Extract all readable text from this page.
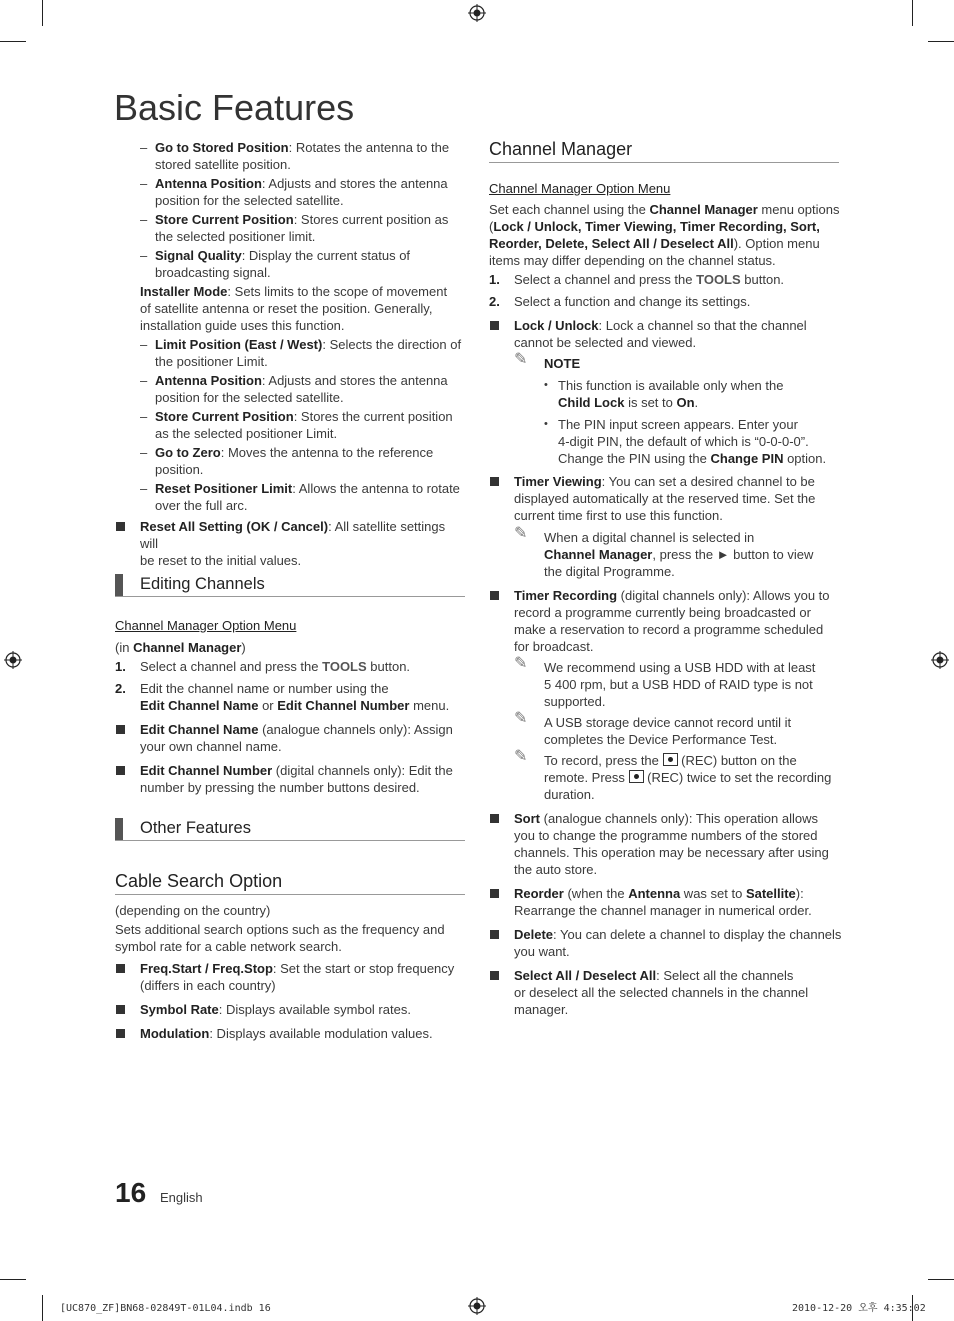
Basic Features
– Go to Stored Position: Rotates the antenna to the
stored satellite position.
– Antenna Position: Adjusts and stores the antenna
position for the selected satellite.
– Store Current Position: Stores current position as
the selected positioner limit.
– Signal Quality: Display the current status of
broadcasting signal.
Installer Mode: Sets limits to the scope of movement
of satellite antenna or reset the position. Generally,
installation guide uses this function.
– Limit Position (East / West): Selects the direction of
the positioner Limit.
– Antenna Position: Adjusts and stores the antenna
position for the selected satellite.
– Store Current Position: Stores the current position
as the selected positioner Limit.
– Go to Zero: Moves the antenna to the reference
position.
– Reset Positioner Limit: Allows the antenna to rotate
over the full arc.
Reset All Setting (OK / Cancel): All satellite settings will
be reset to the initial values.
Editing Channels
Channel Manager Option Menu
(in Channel Manager)
1. Select a channel and press the TOOLS button.
2. Edit the channel name or number using the
Edit Channel Name or Edit Channel Number menu.
Edit Channel Name (analogue channels only): Assign
your own channel name.
Edit Channel Number (digital channels only): Edit the
number by pressing the number buttons desired.
Other Features
Cable Search Option
(depending on the country)
Sets additional search options such as the frequency and
symbol rate for a cable network search.
Freq.Start / Freq.Stop: Set the start or stop frequency
(differs in each country)
Symbol Rate: Displays available symbol rates.
Modulation: Displays available modulation values.
Channel Manager
Channel Manager Option Menu
Set each channel using the Channel Manager menu options
(Lock / Unlock, Timer Viewing, Timer Recording, Sort,
Reorder, Delete, Select All / Deselect All). Option menu
items may differ depending on the channel status.
1. Select a channel and press the TOOLS button.
2. Select a function and change its settings.
Lock / Unlock: Lock a channel so that the channel
cannot be selected and viewed.
✎ NOTE
• This function is available only when the
Child Lock is set to On.
• The PIN input screen appears. Enter your
4-digit PIN, the default of which is “0-0-0-0”.
Change the PIN using the Change PIN option.
Timer Viewing: You can set a desired channel to be
displayed automatically at the reserved time. Set the
current time first to use this function.
✎ When a digital channel is selected in
Channel Manager, press the ► button to view
the digital Programme.
Timer Recording (digital channels only): Allows you to
record a programme currently being broadcasted or
make a reservation to record a programme scheduled
for broadcast.
✎ We recommend using a USB HDD with at least
5 400 rpm, but a USB HDD of RAID type is not
supported.
✎ A USB storage device cannot record until it
completes the Device Performance Test.
✎ To record, press the  (REC) button on the
remote. Press  (REC) twice to set the recording
duration.
Sort (analogue channels only): This operation allows
you to change the programme numbers of the stored
channels. This operation may be necessary after using
the auto store.
Reorder (when the Antenna was set to Satellite):
Rearrange the channel manager in numerical order.
Delete: You can delete a channel to display the channels
you want.
Select All / Deselect All: Select all the channels
or deselect all the selected channels in the channel
manager.
16 English
[UC870_ZF]BN68-02849T-01L04.indb 16	2010-12-20 오후 4:35:02
